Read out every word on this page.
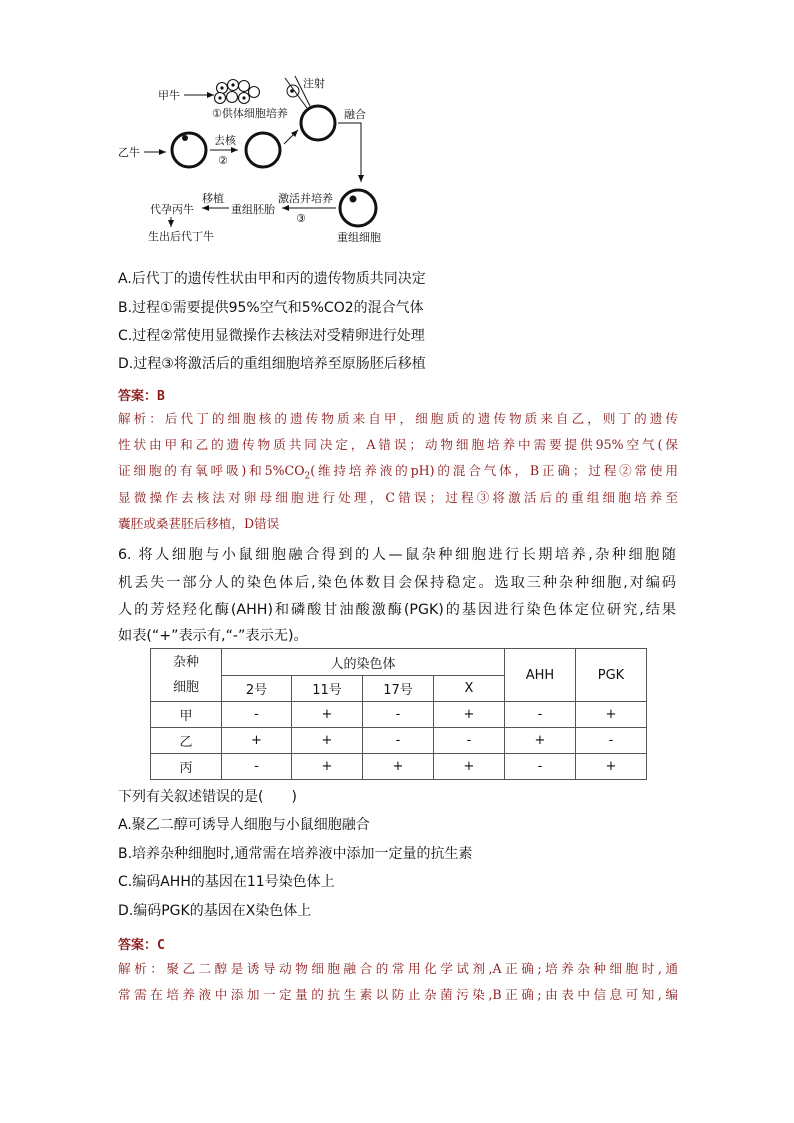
甲牛
①供体细胞培养
乙牛
去核
②
注射
融合
重组细胞
激活并培养
③
重组胚胎
移植
代孕丙牛
生出后代丁牛
A.后代丁的遗传性状由甲和丙的遗传物质共同决定
B.过程①需要提供95%空气和5%CO2的混合气体
C.过程②常使用显微操作去核法对受精卵进行处理
D.过程③将激活后的重组细胞培养至原肠胚后移植
答案：B
解析：后代丁的细胞核的遗传物质来自甲，细胞质的遗传物质来自乙，则丁的遗传
性状由甲和乙的遗传物质共同决定，A错误；动物细胞培养中需要提供95%空气(保
证细胞的有氧呼吸)和$5\%CO_2$(维持培养液的pH)的混合气体，B正确；过程②常使用
显微操作去核法对卵母细胞进行处理，C错误；过程③将激活后的重组细胞培养至
囊胚或桑葚胚后移植，D错误
6. 将人细胞与小鼠细胞融合得到的人—鼠杂种细胞进行长期培养,杂种细胞随
机丢失一部分人的染色体后,染色体数目会保持稳定。选取三种杂种细胞,对编码
人的芳烃羟化酶(AHH)和磷酸甘油酸激酶(PGK)的基因进行染色体定位研究,结果
如表(“+”表示有,“-”表示无)。
杂种
细胞	人的染色体				AHH	PGK
	2号	11号	17号	X		
甲	-	+	-	+	-	+
乙	+	+	-	-	+	-
丙	-	+	+	+	-	+
下列有关叙述错误的是(　　)
A.聚乙二醇可诱导人细胞与小鼠细胞融合
B.培养杂种细胞时,通常需在培养液中添加一定量的抗生素
C.编码AHH的基因在11号染色体上
D.编码PGK的基因在X染色体上
答案：C
解析：聚乙二醇是诱导动物细胞融合的常用化学试剂,A正确;培养杂种细胞时,通
常需在培养液中添加一定量的抗生素以防止杂菌污染,B正确;由表中信息可知,编
